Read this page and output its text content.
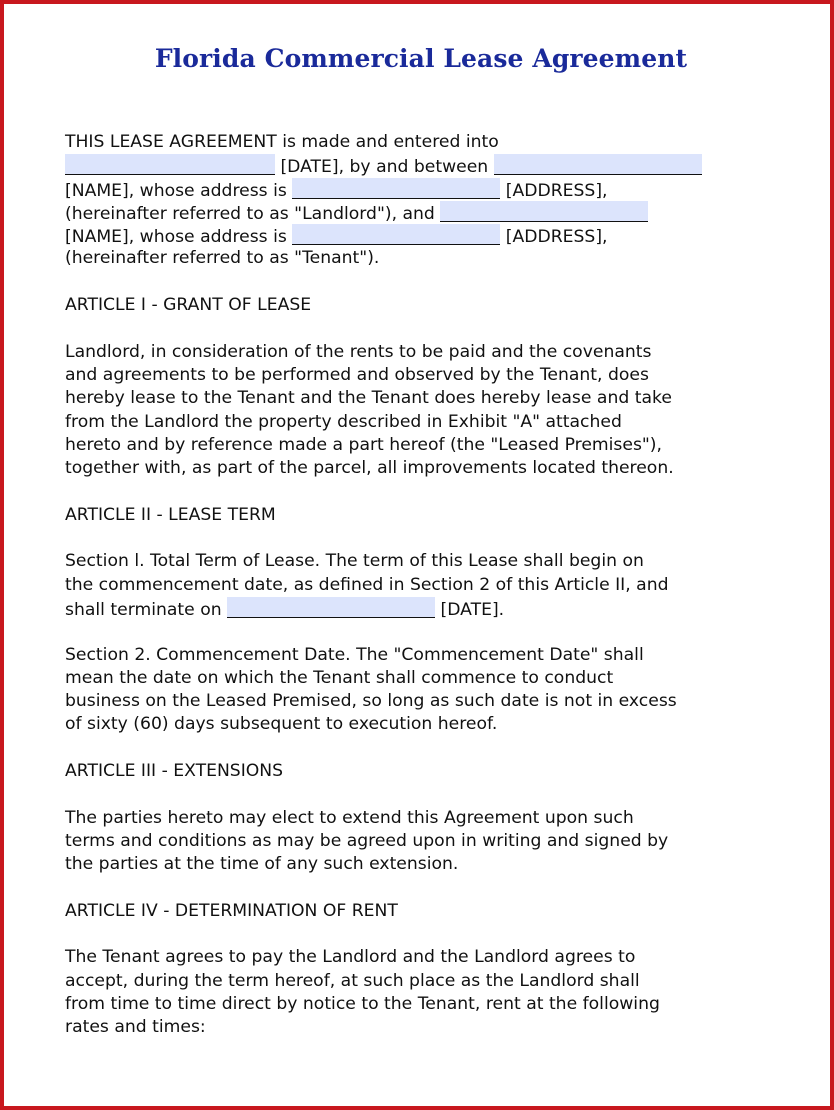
Florida Commercial Lease Agreement
THIS LEASE AGREEMENT is made and entered into
[DATE], by and between
[NAME], whose address is	[ADDRESS],
(hereinafter referred to as "Landlord"), and
[NAME], whose address is	[ADDRESS],
(hereinafter referred to as "Tenant").
ARTICLE I - GRANT OF LEASE
Landlord, in consideration of the rents to be paid and the covenants
and agreements to be performed and observed by the Tenant, does
hereby lease to the Tenant and the Tenant does hereby lease and take
from the Landlord the property described in Exhibit "A" attached
hereto and by reference made a part hereof (the "Leased Premises"),
together with, as part of the parcel, all improvements located thereon.
ARTICLE II - LEASE TERM
Section l. Total Term of Lease. The term of this Lease shall begin on
the commencement date, as defined in Section 2 of this Article II, and
shall terminate on	[DATE].
Section 2. Commencement Date. The "Commencement Date" shall
mean the date on which the Tenant shall commence to conduct
business on the Leased Premised, so long as such date is not in excess
of sixty (60) days subsequent to execution hereof.
ARTICLE III - EXTENSIONS
The parties hereto may elect to extend this Agreement upon such
terms and conditions as may be agreed upon in writing and signed by
the parties at the time of any such extension.
ARTICLE IV - DETERMINATION OF RENT
The Tenant agrees to pay the Landlord and the Landlord agrees to
accept, during the term hereof, at such place as the Landlord shall
from time to time direct by notice to the Tenant, rent at the following
rates and times:
